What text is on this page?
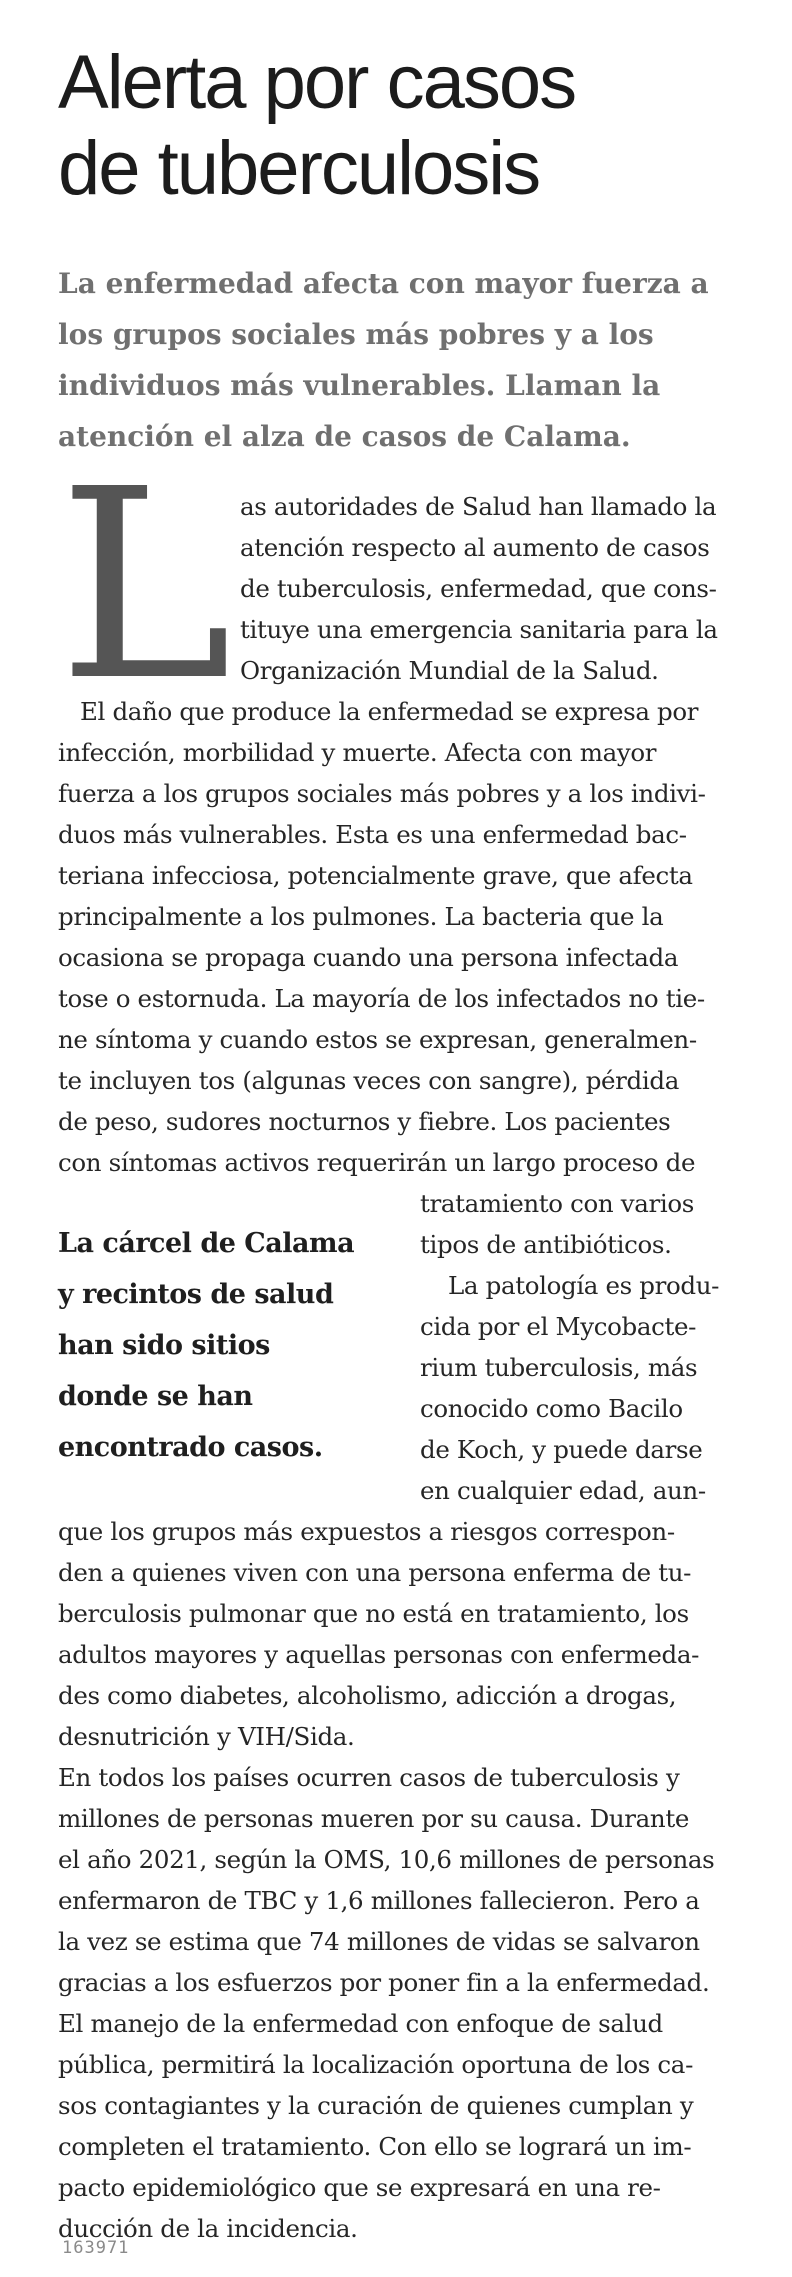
Alerta por casos
de tuberculosis

La enfermedad afecta con mayor fuerza a
los grupos sociales más pobres y a los
individuos más vulnerables. Llaman la
atención el alza de casos de Calama.

L as autoridades de Salud han llamado la
atención respecto al aumento de casos
de tuberculosis, enfermedad, que cons-
tituye una emergencia sanitaria para la
Organización Mundial de la Salud.
El daño que produce la enfermedad se expresa por
infección, morbilidad y muerte. Afecta con mayor
fuerza a los grupos sociales más pobres y a los indivi-
duos más vulnerables. Esta es una enfermedad bac-
teriana infecciosa, potencialmente grave, que afecta
principalmente a los pulmones. La bacteria que la
ocasiona se propaga cuando una persona infectada
tose o estornuda. La mayoría de los infectados no tie-
ne síntoma y cuando estos se expresan, generalmen-
te incluyen tos (algunas veces con sangre), pérdida
de peso, sudores nocturnos y fiebre. Los pacientes
con síntomas activos requerirán un largo proceso de
tratamiento con varios
tipos de antibióticos.
La patología es produ-
cida por el Mycobacte-
rium tuberculosis, más
conocido como Bacilo
de Koch, y puede darse
en cualquier edad, aun-
que los grupos más expuestos a riesgos correspon-
den a quienes viven con una persona enferma de tu-
berculosis pulmonar que no está en tratamiento, los
adultos mayores y aquellas personas con enfermeda-
des como diabetes, alcoholismo, adicción a drogas,
desnutrición y VIH/Sida.
En todos los países ocurren casos de tuberculosis y
millones de personas mueren por su causa. Durante
el año 2021, según la OMS, 10,6 millones de personas
enfermaron de TBC y 1,6 millones fallecieron. Pero a
la vez se estima que 74 millones de vidas se salvaron
gracias a los esfuerzos por poner fin a la enfermedad.
El manejo de la enfermedad con enfoque de salud
pública, permitirá la localización oportuna de los ca-
sos contagiantes y la curación de quienes cumplan y
completen el tratamiento. Con ello se logrará un im-
pacto epidemiológico que se expresará en una re-
ducción de la incidencia.

La cárcel de Calama
y recintos de salud
han sido sitios
donde se han
encontrado casos.

163971
